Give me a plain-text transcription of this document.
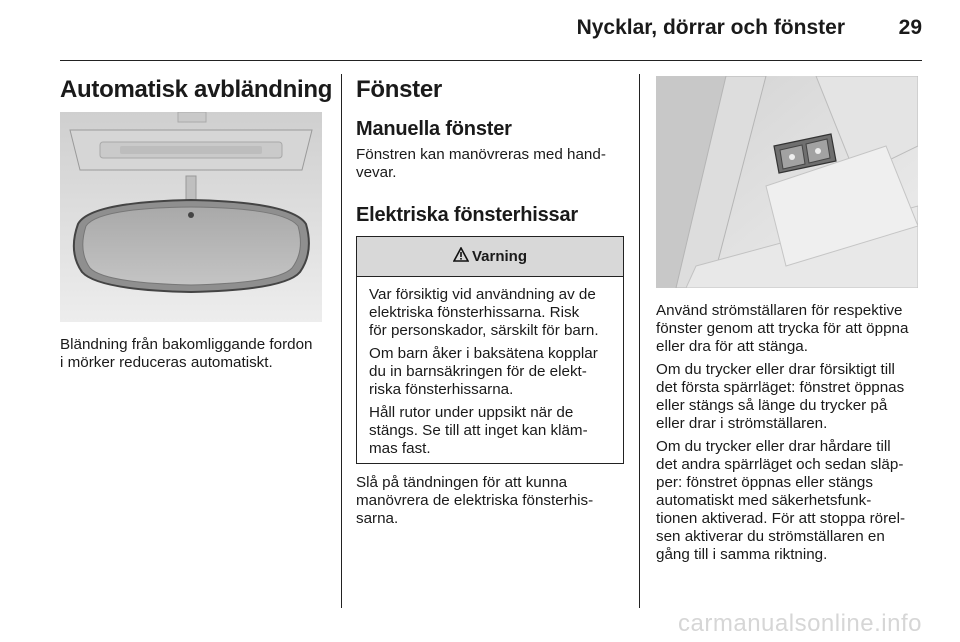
Nycklar, dörrar och fönster	29
Automatisk avbländning
Bländning från bakomliggande fordon
i mörker reduceras automatiskt.
Fönster
Manuella fönster
Fönstren kan manövreras med hand-
vevar.
Elektriska fönsterhissar
Varning

Var försiktig vid användning av de
elektriska fönsterhissarna. Risk
för personskador, särskilt för barn.

Om barn åker i baksätena kopplar
du in barnsäkringen för de elekt-
riska fönsterhissarna.

Håll rutor under uppsikt när de
stängs. Se till att inget kan kläm-
mas fast.

Slå på tändningen för att kunna
manövrera de elektriska fönsterhis-
sarna.

Använd strömställaren för respektive
fönster genom att trycka för att öppna
eller dra för att stänga.

Om du trycker eller drar försiktigt till
det första spärrläget: fönstret öppnas
eller stängs så länge du trycker på
eller drar i strömställaren.

Om du trycker eller drar hårdare till
det andra spärrläget och sedan släp-
per: fönstret öppnas eller stängs
automatiskt med säkerhetsfunk-
tionen aktiverad. För att stoppa rörel-
sen aktiverar du strömställaren en
gång till i samma riktning.

carmanualsonline.info
